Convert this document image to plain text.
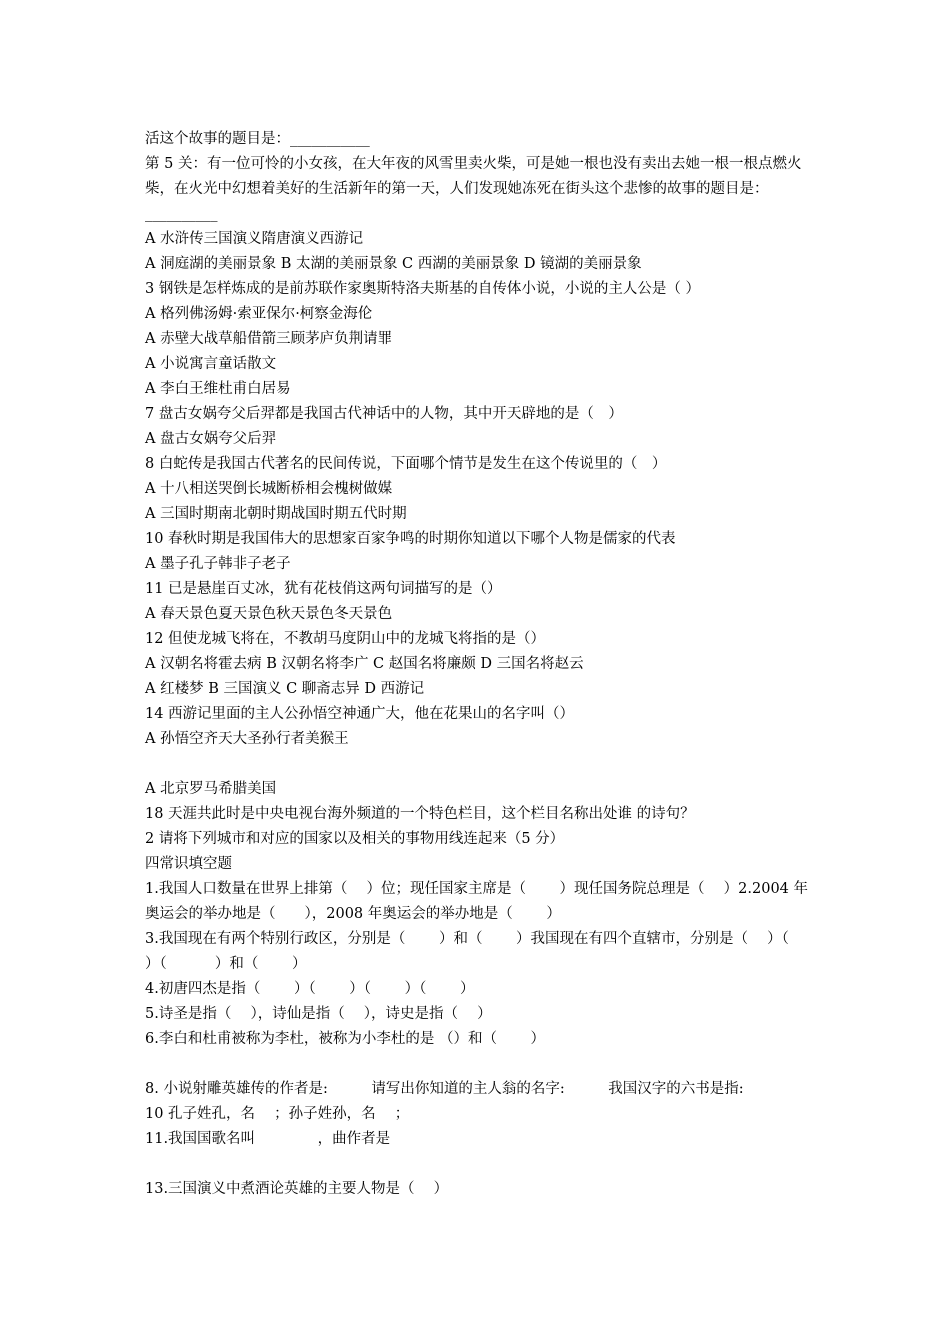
活这个故事的题目是：___________
第 5 关：有一位可怜的小女孩，在大年夜的风雪里卖火柴，可是她一根也没有卖出去她一根一根点燃火柴，在火光中幻想着美好的生活新年的第一天，人们发现她冻死在街头这个悲惨的故事的题目是：__________
A 水浒传三国演义隋唐演义西游记
A 洞庭湖的美丽景象 B 太湖的美丽景象 C 西湖的美丽景象 D 镜湖的美丽景象
3 钢铁是怎样炼成的是前苏联作家奥斯特洛夫斯基的自传体小说，小说的主人公是（ ）
A 格列佛汤姆·索亚保尔·柯察金海伦
A 赤壁大战草船借箭三顾茅庐负荆请罪
A 小说寓言童话散文
A 李白王维杜甫白居易
7 盘古女娲夸父后羿都是我国古代神话中的人物，其中开天辟地的是（　）
A 盘古女娲夸父后羿
8 白蛇传是我国古代著名的民间传说，下面哪个情节是发生在这个传说里的（　）
A 十八相送哭倒长城断桥相会槐树做媒
A 三国时期南北朝时期战国时期五代时期
10 春秋时期是我国伟大的思想家百家争鸣的时期你知道以下哪个人物是儒家的代表
A 墨子孔子韩非子老子
11 已是悬崖百丈冰，犹有花枝俏这两句词描写的是（）
A 春天景色夏天景色秋天景色冬天景色
12 但使龙城飞将在，不教胡马度阴山中的龙城飞将指的是（）
A 汉朝名将霍去病 B 汉朝名将李广 C 赵国名将廉颇 D 三国名将赵云
A 红楼梦 B 三国演义 C 聊斋志异 D 西游记
14 西游记里面的主人公孙悟空神通广大，他在花果山的名字叫（）
A 孙悟空齐天大圣孙行者美猴王
A 北京罗马希腊美国
18 天涯共此时是中央电视台海外频道的一个特色栏目，这个栏目名称出处谁 的诗句？
2 请将下列城市和对应的国家以及相关的事物用线连起来（5 分）
四常识填空题
1.我国人口数量在世界上排第（　 ）位；现任国家主席是（　　 ）现任国务院总理是（　 ）2.2004 年奥运会的举办地是（　　），2008 年奥运会的举办地是（　　 ）
3.我国现在有两个特别行政区，分别是（　　 ）和（　　 ）我国现在有四个直辖市，分别是（　 ）（　　　 ）（　　　 ）和（　　 ）
4.初唐四杰是指（　　 ）（　　 ）（　　 ）（　　 ）
5.诗圣是指（　 ），诗仙是指（　 ），诗史是指（　 ）
6.李白和杜甫被称为李杜，被称为小李杜的是 （）和（　　 ）
8. 小说射雕英雄传的作者是:　　　请写出你知道的主人翁的名字:　　　我国汉字的六书是指:
10 孔子姓孔，名　 ；孙子姓孙，名　 ；
11.我国国歌名叫　　　　 ，曲作者是
13.三国演义中煮酒论英雄的主要人物是（　 ）
